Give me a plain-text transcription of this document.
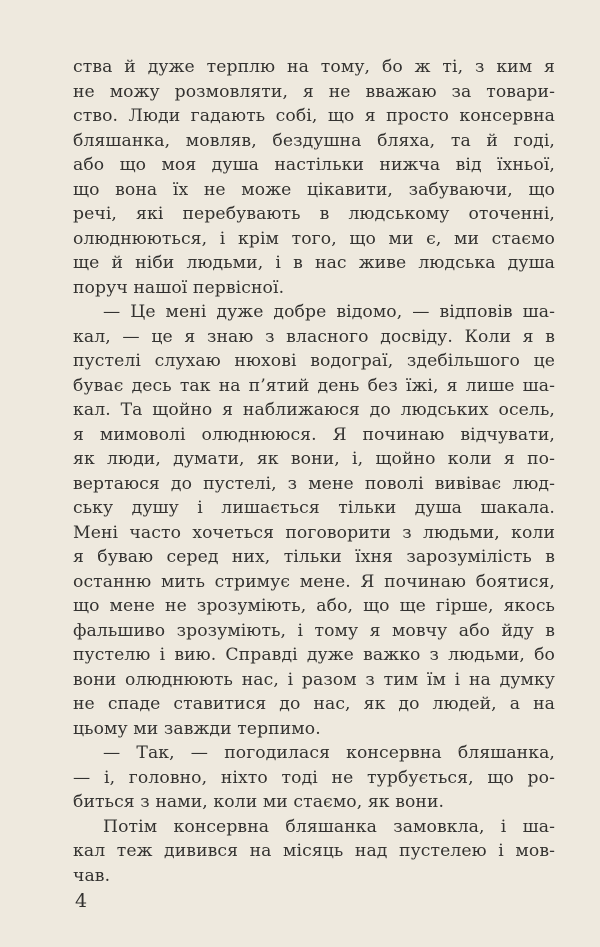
ства й дуже терплю на тому, бо ж ті, з ким я
не можу розмовляти, я не вважаю за товари-
ство. Люди гадають собі, що я просто консервна
бляшанка, мовляв, бездушна бляха, та й годі,
або що моя душа настільки нижча від їхньої,
що вона їх не може цікавити, забуваючи, що
речі, які перебувають в людському оточенні,
олюднюються, і крім того, що ми є, ми стаємо
ще й ніби людьми, і в нас живе людська душа
поруч нашої первісної.
— Це мені дуже добре відомо, — відповів ша-
кал, — це я знаю з власного досвіду. Коли я в
пустелі слухаю нюхові водограї, здебільшого це
буває десь так на п’ятий день без їжі, я лише ша-
кал. Та щойно я наближаюся до людських осель,
я мимоволі олюднююся. Я починаю відчувати,
як люди, думати, як вони, і, щойно коли я по-
вертаюся до пустелі, з мене поволі вивіває люд-
ську душу і лишається тільки душа шакала.
Мені часто хочеться поговорити з людьми, коли
я буваю серед них, тільки їхня зарозумілість в
останню мить стримує мене. Я починаю боятися,
що мене не зрозуміють, або, що ще гірше, якось
фальшиво зрозуміють, і тому я мовчу або йду в
пустелю і вию. Справді дуже важко з людьми, бо
вони олюднюють нас, і разом з тим їм і на думку
не спаде ставитися до нас, як до людей, а на
цьому ми завжди терпимо.
— Так, — погодилася консервна бляшанка,
— і, головно, ніхто тоді не турбується, що ро-
биться з нами, коли ми стаємо, як вони.
Потім консервна бляшанка замовкла, і ша-
кал теж дивився на місяць над пустелею і мов-
чав.
4
